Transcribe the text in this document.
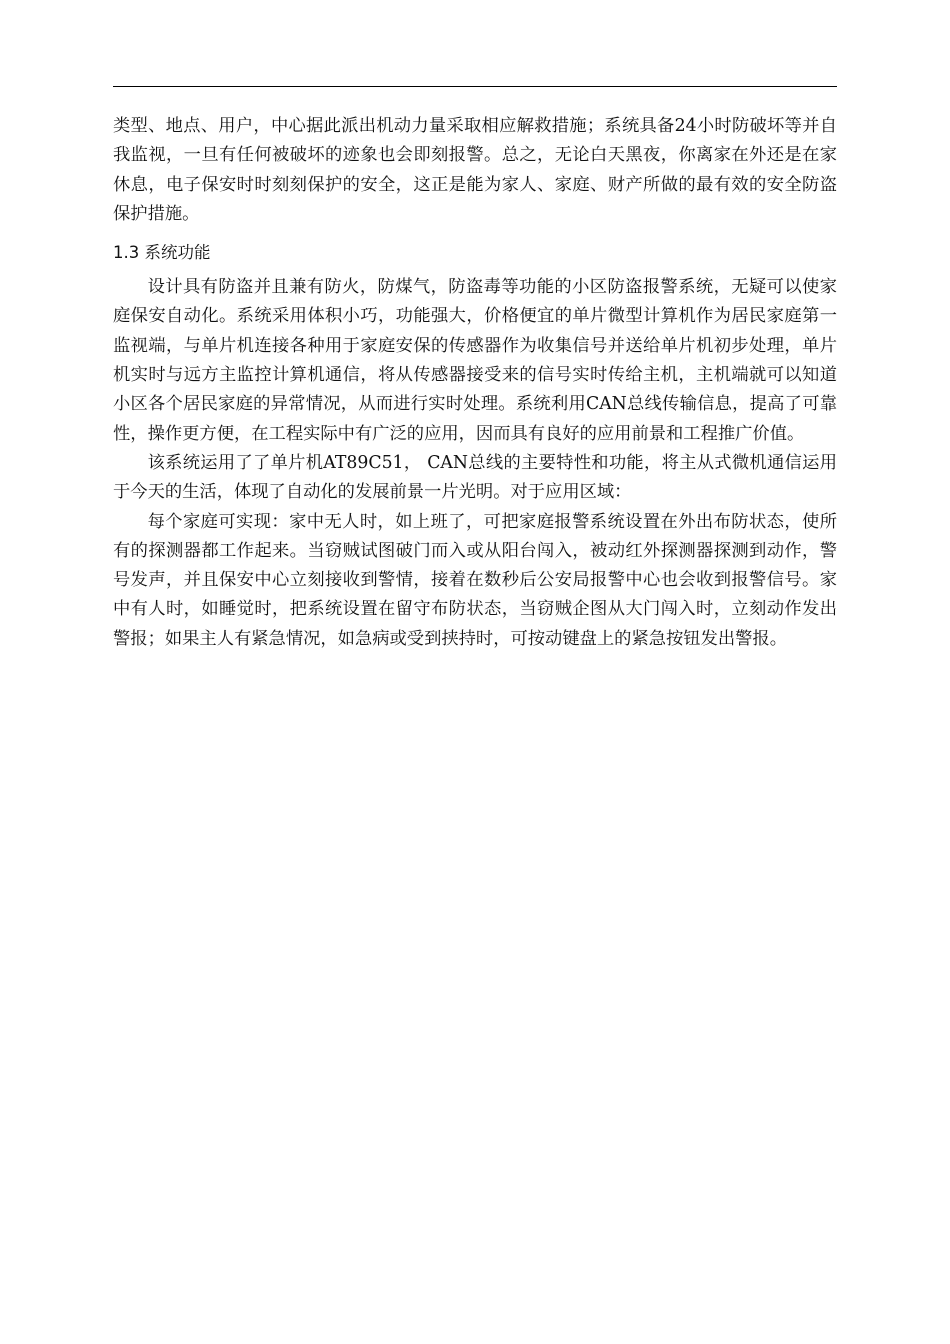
类型、地点、用户，中心据此派出机动力量采取相应解救措施；系统具备24小时防破坏等并自我监视，一旦有任何被破坏的迹象也会即刻报警。总之，无论白天黑夜，你离家在外还是在家休息，电子保安时时刻刻保护的安全，这正是能为家人、家庭、财产所做的最有效的安全防盗保护措施。

1.3 系统功能

设计具有防盗并且兼有防火，防煤气，防盗毒等功能的小区防盗报警系统，无疑可以使家庭保安自动化。系统采用体积小巧，功能强大，价格便宜的单片微型计算机作为居民家庭第一监视端，与单片机连接各种用于家庭安保的传感器作为收集信号并送给单片机初步处理，单片机实时与远方主监控计算机通信，将从传感器接受来的信号实时传给主机，主机端就可以知道小区各个居民家庭的异常情况，从而进行实时处理。系统利用CAN总线传输信息，提高了可靠性，操作更方便，在工程实际中有广泛的应用，因而具有良好的应用前景和工程推广价值。

该系统运用了了单片机AT89C51， CAN总线的主要特性和功能，将主从式微机通信运用于今天的生活，体现了自动化的发展前景一片光明。对于应用区域：

每个家庭可实现：家中无人时，如上班了，可把家庭报警系统设置在外出布防状态，使所有的探测器都工作起来。当窃贼试图破门而入或从阳台闯入，被动红外探测器探测到动作，警号发声，并且保安中心立刻接收到警情，接着在数秒后公安局报警中心也会收到报警信号。家中有人时，如睡觉时，把系统设置在留守布防状态，当窃贼企图从大门闯入时，立刻动作发出警报；如果主人有紧急情况，如急病或受到挟持时，可按动键盘上的紧急按钮发出警报。
